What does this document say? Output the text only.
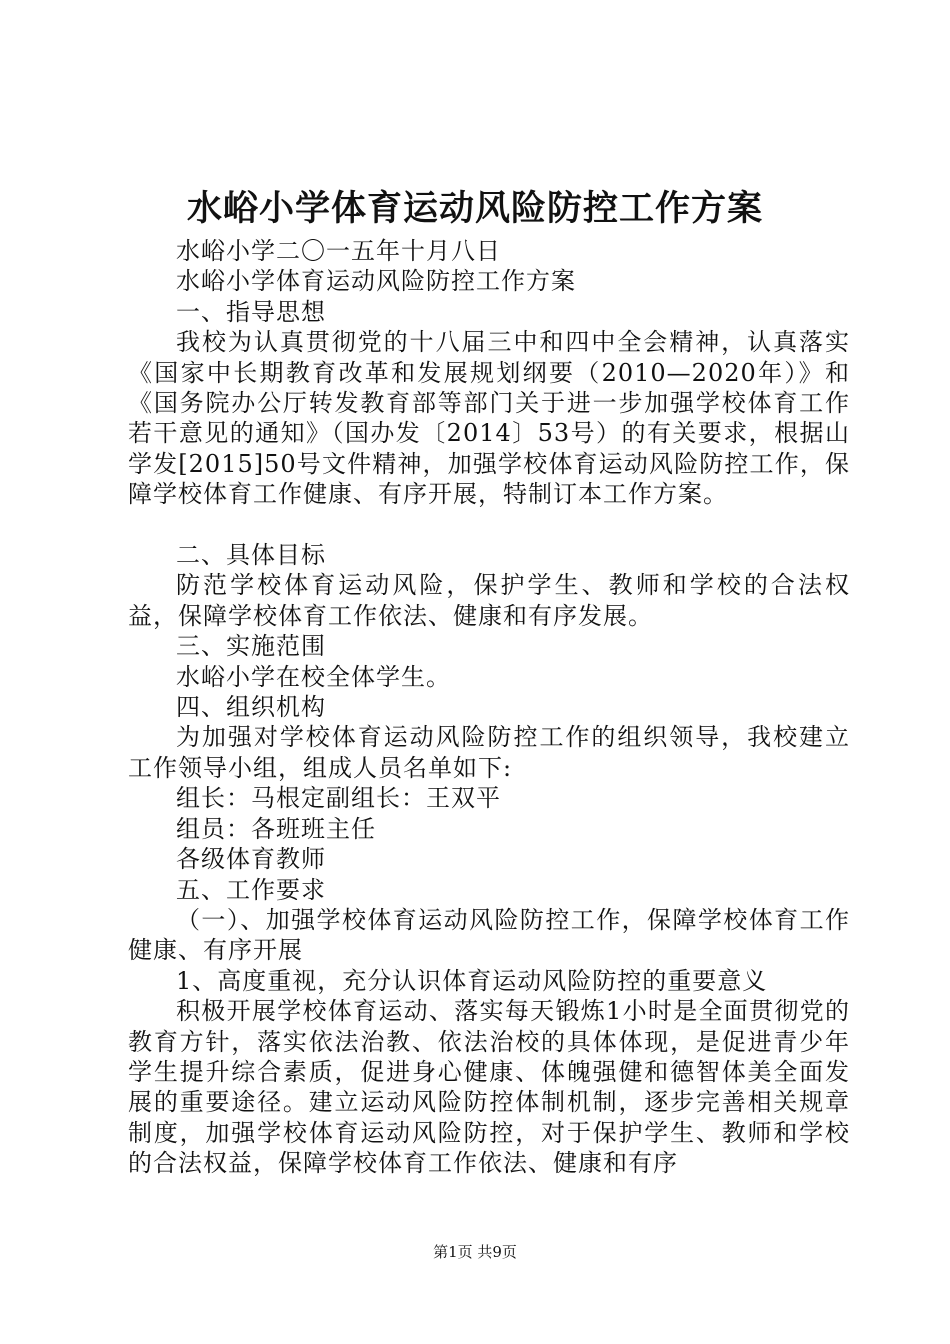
水峪小学体育运动风险防控工作方案

水峪小学二〇一五年十月八日

水峪小学体育运动风险防控工作方案

一、指导思想

我校为认真贯彻党的十八届三中和四中全会精神，认真落实《国家中长期教育改革和发展规划纲要（2010—2020年）》和《国务院办公厅转发教育部等部门关于进一步加强学校体育工作若干意见的通知》（国办发〔2014〕53号）的有关要求，根据山学发[2015]50号文件精神，加强学校体育运动风险防控工作，保障学校体育工作健康、有序开展，特制订本工作方案。

二、具体目标

防范学校体育运动风险，保护学生、教师和学校的合法权益，保障学校体育工作依法、健康和有序发展。

三、实施范围

水峪小学在校全体学生。

四、组织机构

为加强对学校体育运动风险防控工作的组织领导，我校建立工作领导小组，组成人员名单如下:

组长：马根定副组长：王双平

组员：各班班主任

各级体育教师

五、工作要求

（一）、加强学校体育运动风险防控工作，保障学校体育工作健康、有序开展

1、高度重视，充分认识体育运动风险防控的重要意义

积极开展学校体育运动、落实每天锻炼1小时是全面贯彻党的教育方针，落实依法治教、依法治校的具体体现，是促进青少年学生提升综合素质，促进身心健康、体魄强健和德智体美全面发展的重要途径。建立运动风险防控体制机制，逐步完善相关规章制度，加强学校体育运动风险防控，对于保护学生、教师和学校的合法权益，保障学校体育工作依法、健康和有序

第1页 共9页
